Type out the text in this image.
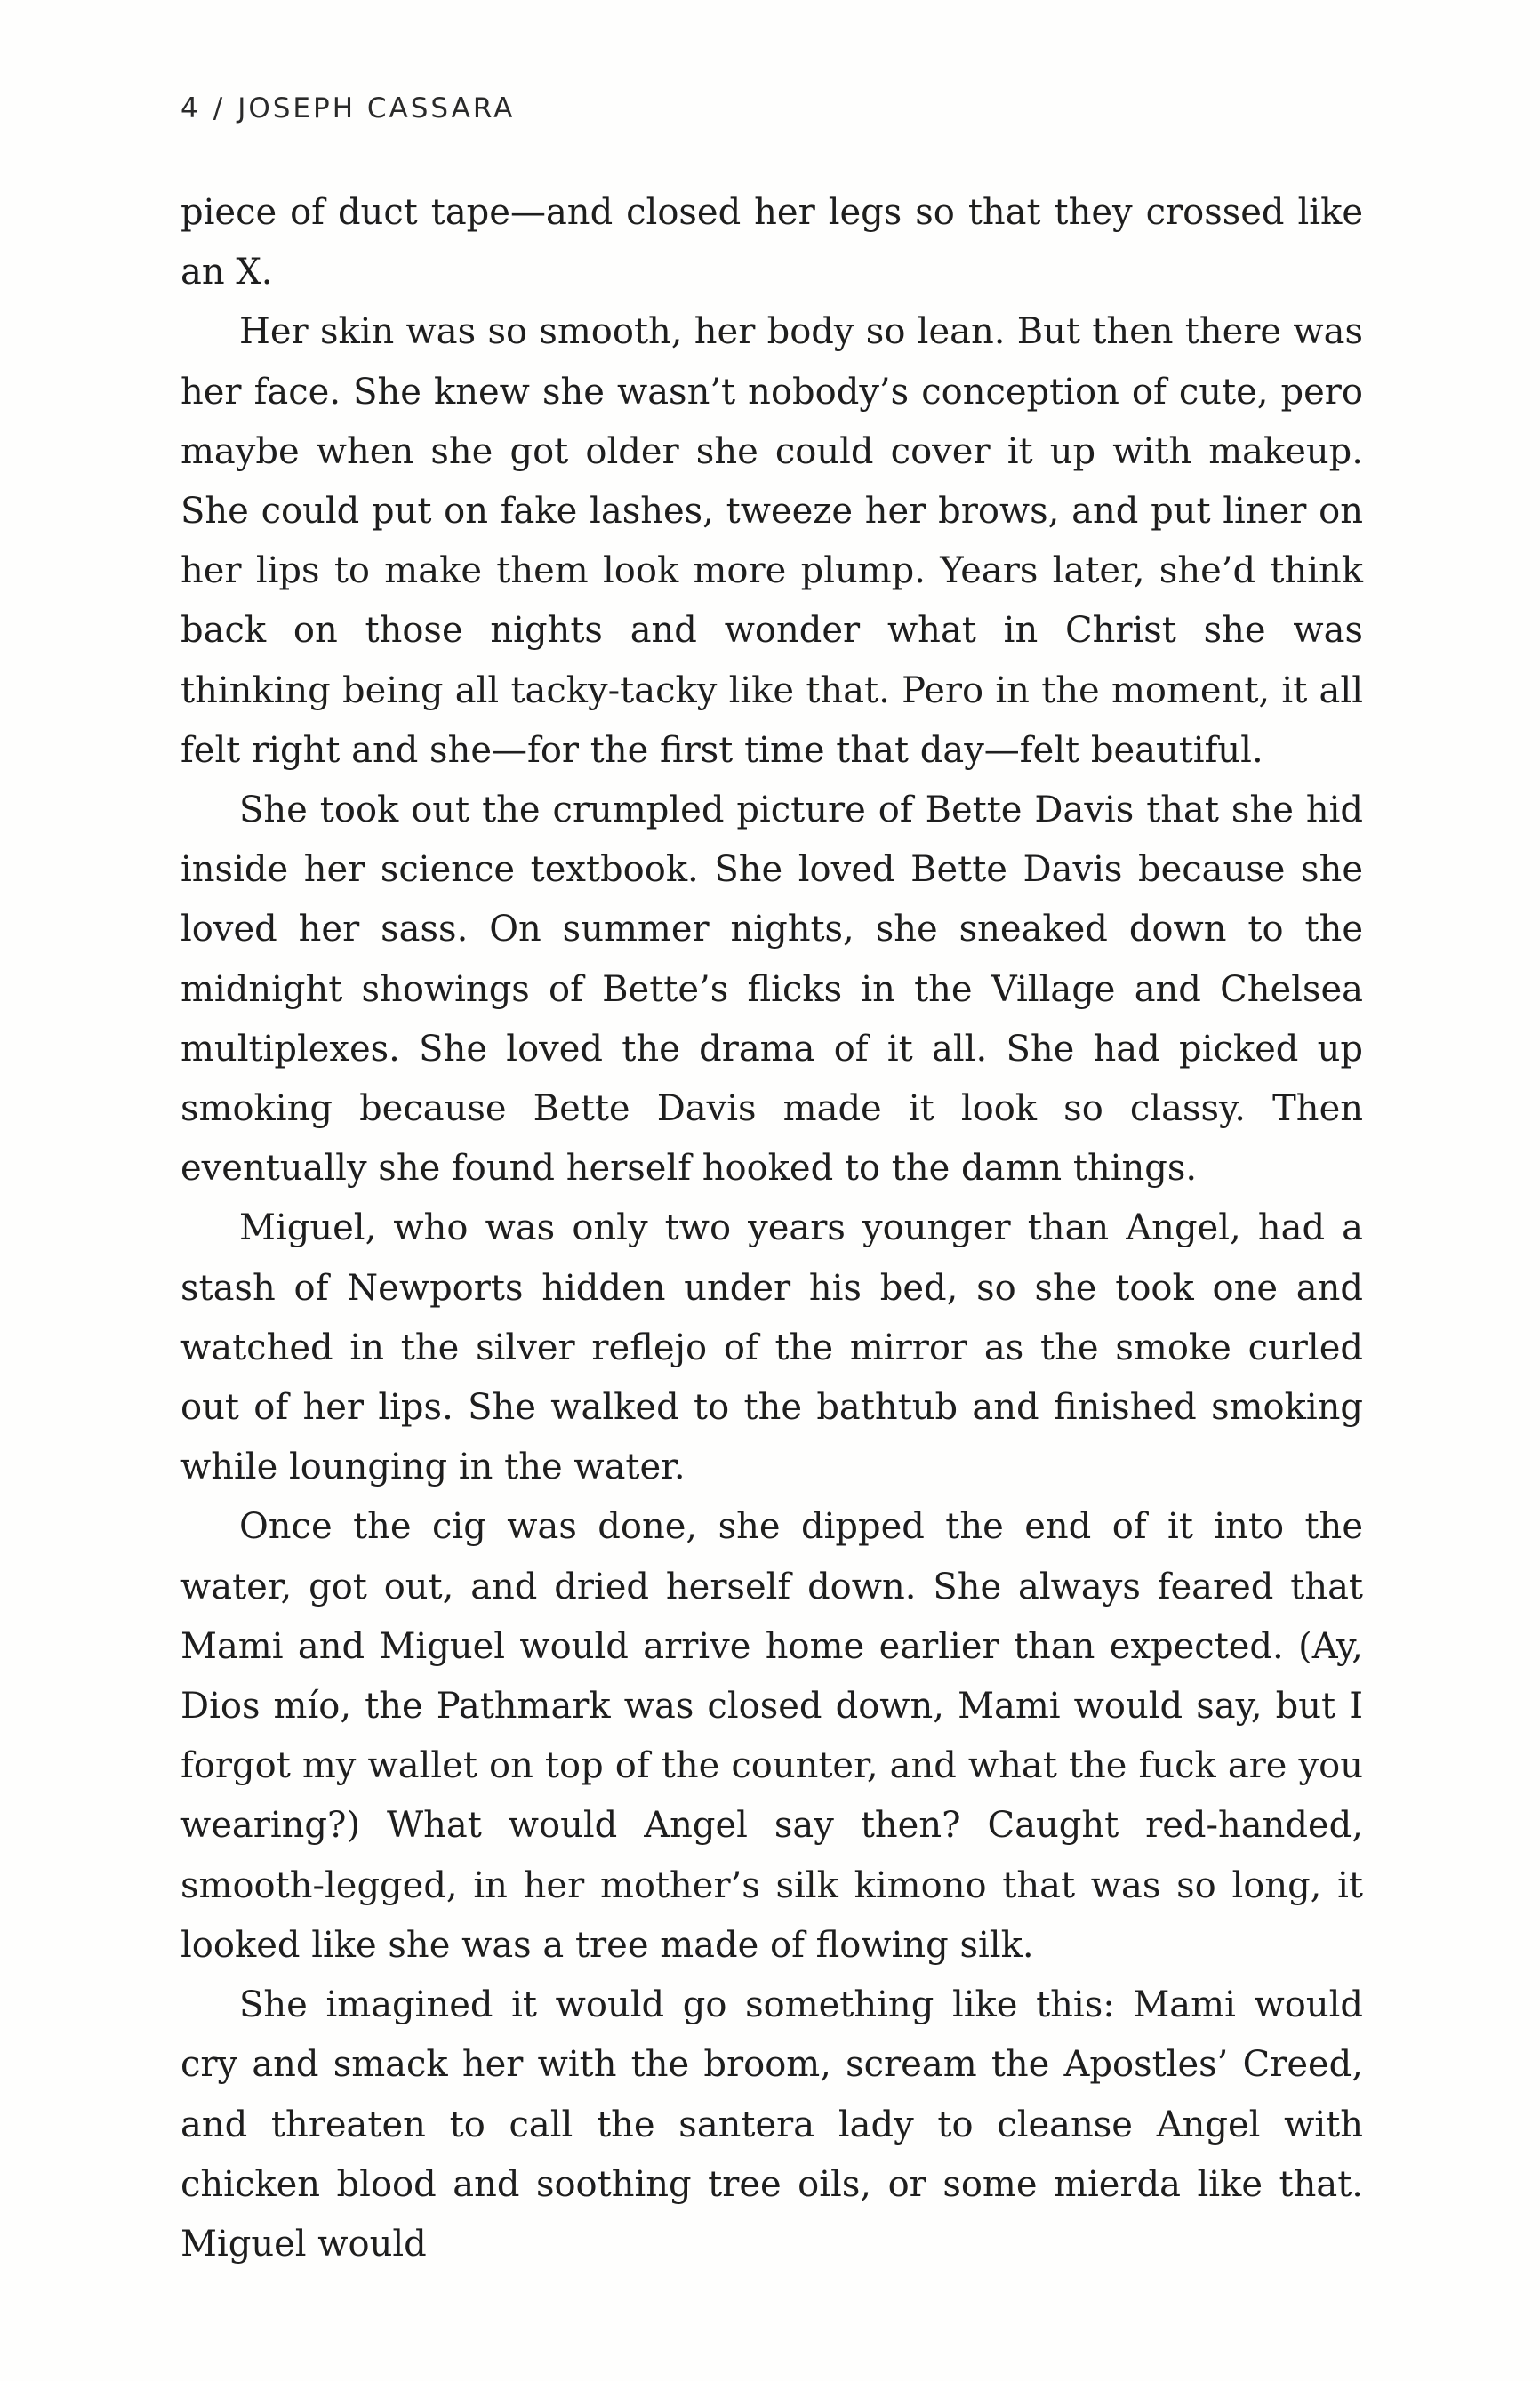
4 / JOSEPH CASSARA

piece of duct tape—and closed her legs so that they crossed like an X.

Her skin was so smooth, her body so lean. But then there was her face. She knew she wasn’t nobody’s conception of cute, pero maybe when she got older she could cover it up with makeup. She could put on fake lashes, tweeze her brows, and put liner on her lips to make them look more plump. Years later, she’d think back on those nights and wonder what in Christ she was thinking being all tacky-tacky like that. Pero in the moment, it all felt right and she—for the first time that day—felt beautiful.

She took out the crumpled picture of Bette Davis that she hid inside her science textbook. She loved Bette Davis because she loved her sass. On summer nights, she sneaked down to the midnight showings of Bette’s flicks in the Village and Chelsea multiplexes. She loved the drama of it all. She had picked up smoking because Bette Davis made it look so classy. Then eventually she found herself hooked to the damn things.

Miguel, who was only two years younger than Angel, had a stash of Newports hidden under his bed, so she took one and watched in the silver reflejo of the mirror as the smoke curled out of her lips. She walked to the bathtub and finished smoking while lounging in the water.

Once the cig was done, she dipped the end of it into the water, got out, and dried herself down. She always feared that Mami and Miguel would arrive home earlier than expected. (Ay, Dios mío, the Pathmark was closed down, Mami would say, but I forgot my wallet on top of the counter, and what the fuck are you wearing?) What would Angel say then? Caught red-handed, smooth-legged, in her mother’s silk kimono that was so long, it looked like she was a tree made of flowing silk.

She imagined it would go something like this: Mami would cry and smack her with the broom, scream the Apostles’ Creed, and threaten to call the santera lady to cleanse Angel with chicken blood and soothing tree oils, or some mierda like that. Miguel would
